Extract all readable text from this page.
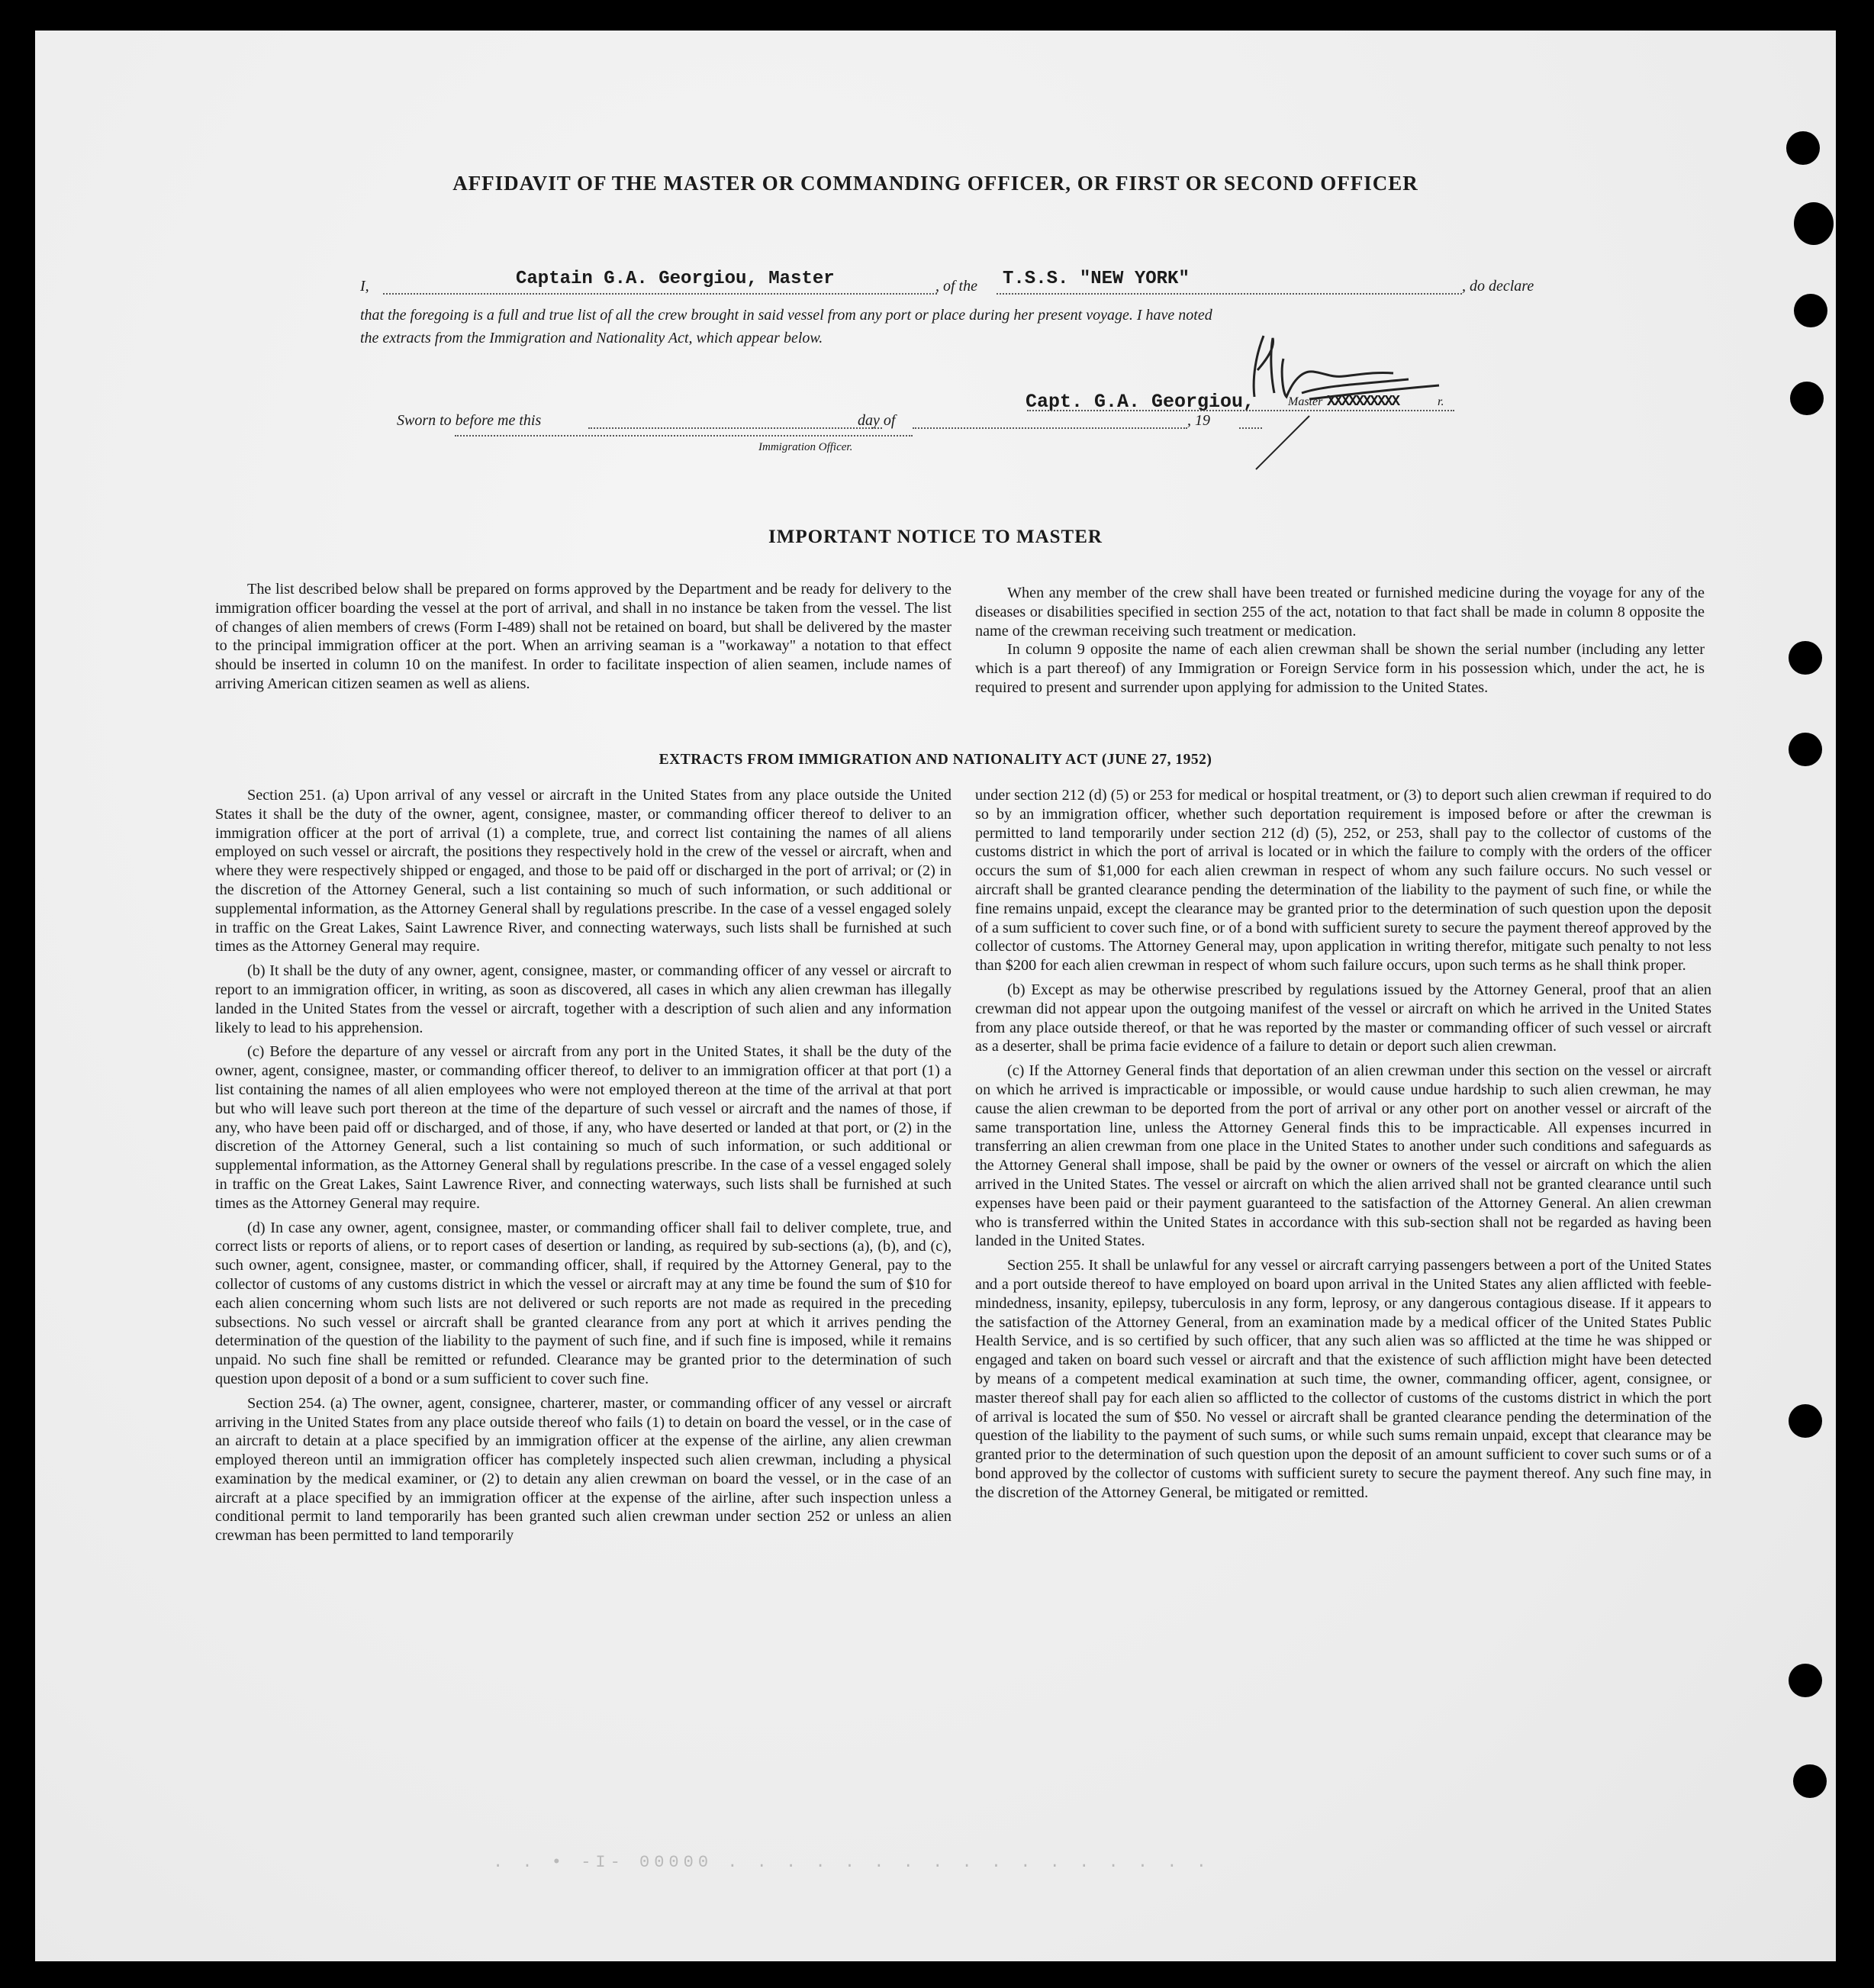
AFFIDAVIT OF THE MASTER OR COMMANDING OFFICER, OR FIRST OR SECOND OFFICER
I,	Captain G.A. Georgiou, Master	, of the T.S.S. "NEW YORK"	, do declare
that the foregoing is a full and true list of all the crew brought in said vessel from any port or place during her present voyage. I have noted
the extracts from the Immigration and Nationality Act, which appear below.
Sworn to before me this	day of	, 19
Capt. G.A. Georgiou,	Master XXXXXXXXXX	r.
Immigration Officer.
IMPORTANT NOTICE TO MASTER

The list described below shall be prepared on forms approved by the Department and be ready for delivery to the immigration officer boarding the vessel at the port of arrival, and shall in no instance be taken from the vessel. The list of changes of alien members of crews (Form I-489) shall not be retained on board, but shall be delivered by the master to the principal immigration officer at the port. When an arriving seaman is a "workaway" a notation to that effect should be inserted in column 10 on the manifest. In order to facilitate inspection of alien seamen, include names of arriving American citizen seamen as well as aliens.

When any member of the crew shall have been treated or furnished medicine during the voyage for any of the diseases or disabilities specified in section 255 of the act, notation to that fact shall be made in column 8 opposite the name of the crewman receiving such treatment or medication.

In column 9 opposite the name of each alien crewman shall be shown the serial number (including any letter which is a part thereof) of any Immigration or Foreign Service form in his possession which, under the act, he is required to present and surrender upon applying for admission to the United States.

EXTRACTS FROM IMMIGRATION AND NATIONALITY ACT (JUNE 27, 1952)

Section 251. (a) Upon arrival of any vessel or aircraft in the United States from any place outside the United States it shall be the duty of the owner, agent, consignee, master, or commanding officer thereof to deliver to an immigration officer at the port of arrival (1) a complete, true, and correct list containing the names of all aliens employed on such vessel or aircraft, the positions they respectively hold in the crew of the vessel or aircraft, when and where they were respectively shipped or engaged, and those to be paid off or discharged in the port of arrival; or (2) in the discretion of the Attorney General, such a list containing so much of such information, or such additional or supplemental information, as the Attorney General shall by regulations prescribe. In the case of a vessel engaged solely in traffic on the Great Lakes, Saint Lawrence River, and connecting waterways, such lists shall be furnished at such times as the Attorney General may require.

(b) It shall be the duty of any owner, agent, consignee, master, or commanding officer of any vessel or aircraft to report to an immigration officer, in writing, as soon as discovered, all cases in which any alien crewman has illegally landed in the United States from the vessel or aircraft, together with a description of such alien and any information likely to lead to his apprehension.

(c) Before the departure of any vessel or aircraft from any port in the United States, it shall be the duty of the owner, agent, consignee, master, or commanding officer thereof, to deliver to an immigration officer at that port (1) a list containing the names of all alien employees who were not employed thereon at the time of the arrival at that port but who will leave such port thereon at the time of the departure of such vessel or aircraft and the names of those, if any, who have been paid off or discharged, and of those, if any, who have deserted or landed at that port, or (2) in the discretion of the Attorney General, such a list containing so much of such information, or such additional or supplemental information, as the Attorney General shall by regulations prescribe. In the case of a vessel engaged solely in traffic on the Great Lakes, Saint Lawrence River, and connecting waterways, such lists shall be furnished at such times as the Attorney General may require.

(d) In case any owner, agent, consignee, master, or commanding officer shall fail to deliver complete, true, and correct lists or reports of aliens, or to report cases of desertion or landing, as required by sub-sections (a), (b), and (c), such owner, agent, consignee, master, or commanding officer, shall, if required by the Attorney General, pay to the collector of customs of any customs district in which the vessel or aircraft may at any time be found the sum of $10 for each alien concerning whom such lists are not delivered or such reports are not made as required in the preceding subsections. No such vessel or aircraft shall be granted clearance from any port at which it arrives pending the determination of the question of the liability to the payment of such fine, and if such fine is imposed, while it remains unpaid. No such fine shall be remitted or refunded. Clearance may be granted prior to the determination of such question upon deposit of a bond or a sum sufficient to cover such fine.

Section 254. (a) The owner, agent, consignee, charterer, master, or commanding officer of any vessel or aircraft arriving in the United States from any place outside thereof who fails (1) to detain on board the vessel, or in the case of an aircraft to detain at a place specified by an immigration officer at the expense of the airline, any alien crewman employed thereon until an immigration officer has completely inspected such alien crewman, including a physical examination by the medical examiner, or (2) to detain any alien crewman on board the vessel, or in the case of an aircraft at a place specified by an immigration officer at the expense of the airline, after such inspection unless a conditional permit to land temporarily has been granted such alien crewman under section 252 or unless an alien crewman has been permitted to land temporarily

under section 212 (d) (5) or 253 for medical or hospital treatment, or (3) to deport such alien crewman if required to do so by an immigration officer, whether such deportation requirement is imposed before or after the crewman is permitted to land temporarily under section 212 (d) (5), 252, or 253, shall pay to the collector of customs of the customs district in which the port of arrival is located or in which the failure to comply with the orders of the officer occurs the sum of $1,000 for each alien crewman in respect of whom any such failure occurs. No such vessel or aircraft shall be granted clearance pending the determination of the liability to the payment of such fine, or while the fine remains unpaid, except the clearance may be granted prior to the determination of such question upon the deposit of a sum sufficient to cover such fine, or of a bond with sufficient surety to secure the payment thereof approved by the collector of customs. The Attorney General may, upon application in writing therefor, mitigate such penalty to not less than $200 for each alien crewman in respect of whom such failure occurs, upon such terms as he shall think proper.

(b) Except as may be otherwise prescribed by regulations issued by the Attorney General, proof that an alien crewman did not appear upon the outgoing manifest of the vessel or aircraft on which he arrived in the United States from any place outside thereof, or that he was reported by the master or commanding officer of such vessel or aircraft as a deserter, shall be prima facie evidence of a failure to detain or deport such alien crewman.

(c) If the Attorney General finds that deportation of an alien crewman under this section on the vessel or aircraft on which he arrived is impracticable or impossible, or would cause undue hardship to such alien crewman, he may cause the alien crewman to be deported from the port of arrival or any other port on another vessel or aircraft of the same transportation line, unless the Attorney General finds this to be impracticable. All expenses incurred in transferring an alien crewman from one place in the United States to another under such conditions and safeguards as the Attorney General shall impose, shall be paid by the owner or owners of the vessel or aircraft on which the alien arrived in the United States. The vessel or aircraft on which the alien arrived shall not be granted clearance until such expenses have been paid or their payment guaranteed to the satisfaction of the Attorney General. An alien crewman who is transferred within the United States in accordance with this sub-section shall not be regarded as having been landed in the United States.

Section 255. It shall be unlawful for any vessel or aircraft carrying passengers between a port of the United States and a port outside thereof to have employed on board upon arrival in the United States any alien afflicted with feeble-mindedness, insanity, epilepsy, tuberculosis in any form, leprosy, or any dangerous contagious disease. If it appears to the satisfaction of the Attorney General, from an examination made by a medical officer of the United States Public Health Service, and is so certified by such officer, that any such alien was so afflicted at the time he was shipped or engaged and taken on board such vessel or aircraft and that the existence of such affliction might have been detected by means of a competent medical examination at such time, the owner, commanding officer, agent, consignee, or master thereof shall pay for each alien so afflicted to the collector of customs of the customs district in which the port of arrival is located the sum of $50. No vessel or aircraft shall be granted clearance pending the determination of the question of the liability to the payment of such sums, or while such sums remain unpaid, except that clearance may be granted prior to the determination of such question upon the deposit of an amount sufficient to cover such sums or of a bond approved by the collector of customs with sufficient surety to secure the payment thereof. Any such fine may, in the discretion of the Attorney General, be mitigated or remitted.

. . • -I- 00000 . . . . . . . . . . . . . . . . .
